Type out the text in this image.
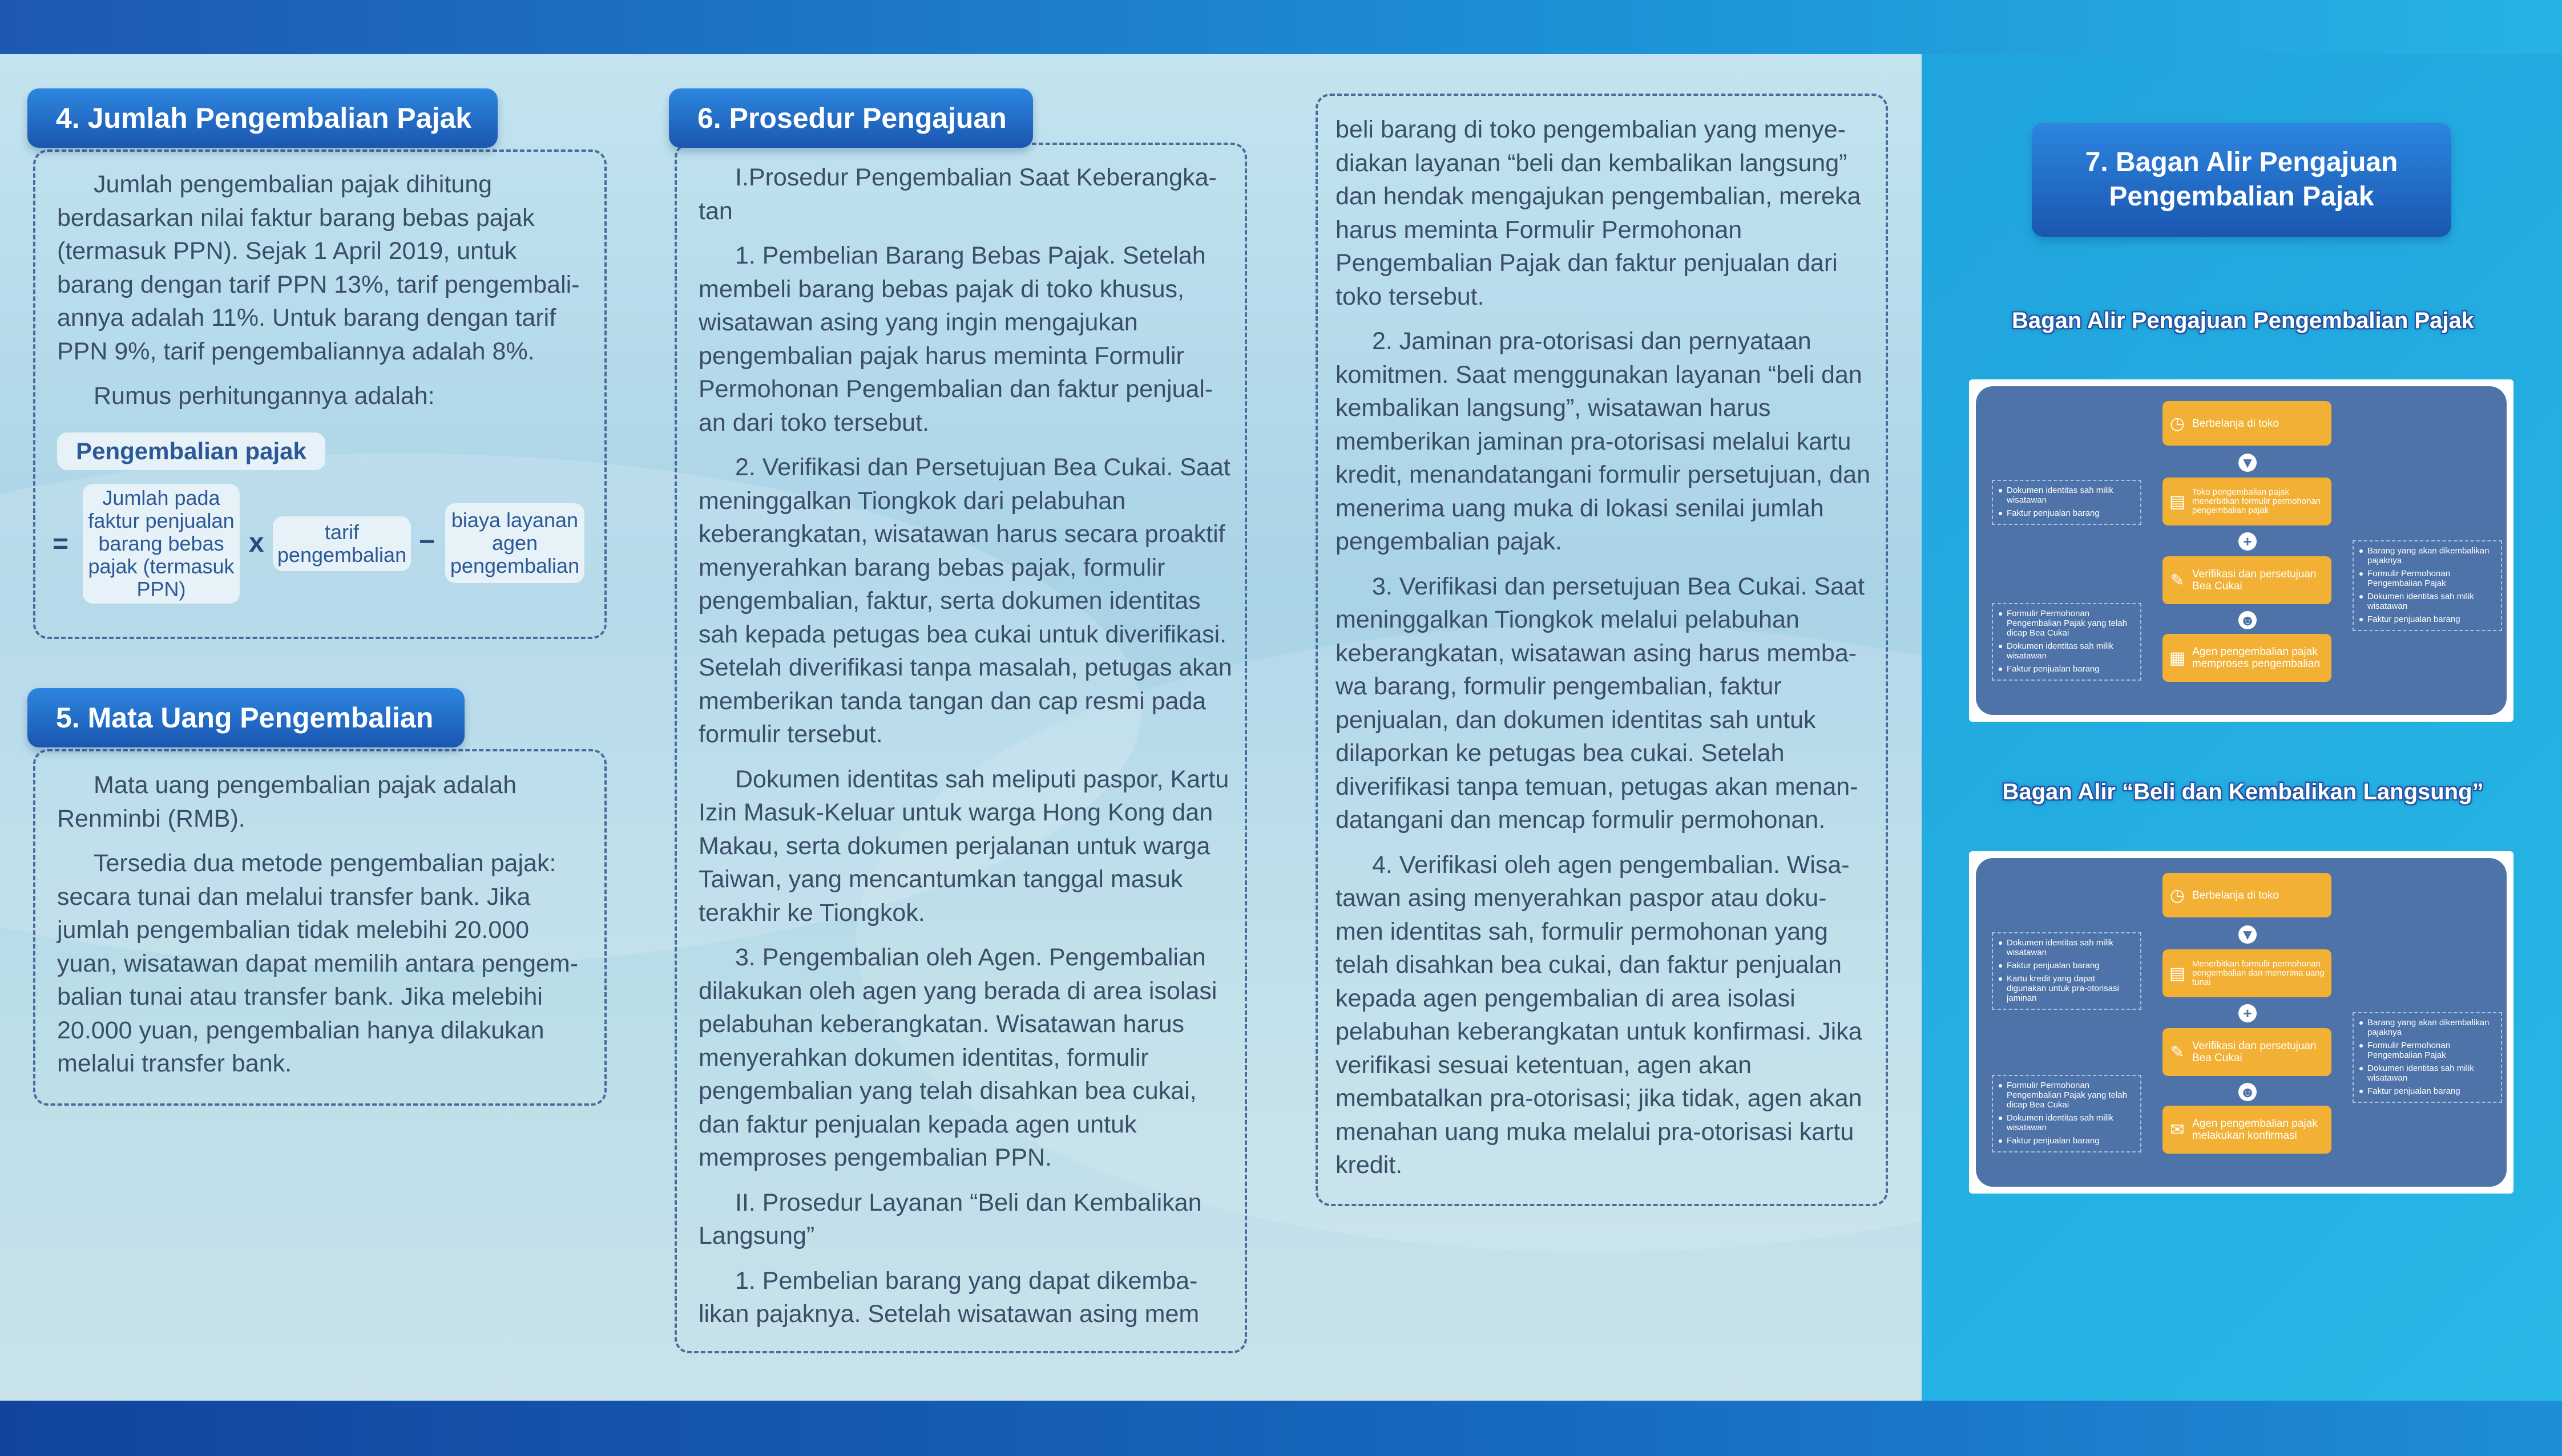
4. Jumlah Pengembalian Pajak

Jumlah pengembalian pajak dihitung berdasarkan nilai faktur barang bebas pajak (termasuk PPN). Sejak 1 April 2019, untuk barang dengan tarif PPN 13%, tarif pengembali-annya adalah 11%. Untuk barang dengan tarif PPN 9%, tarif pengembaliannya adalah 8%.

Rumus perhitungannya adalah:

Pengembalian pajak
=
Jumlah pada faktur penjualan barang bebas pajak (termasuk PPN)
x	tarif pengembalian −
biaya layanan agen pengembalian
5. Mata Uang Pengembalian

Mata uang pengembalian pajak adalah Renminbi (RMB).

Tersedia dua metode pengembalian pajak: secara tunai dan melalui transfer bank. Jika jumlah pengembalian tidak melebihi 20.000 yuan, wisatawan dapat memilih antara pengem-balian tunai atau transfer bank. Jika melebihi 20.000 yuan, pengembalian hanya dilakukan melalui transfer bank.

6. Prosedur Pengajuan

I.Prosedur Pengembalian Saat Keberangka-tan

1. Pembelian Barang Bebas Pajak. Setelah membeli barang bebas pajak di toko khusus, wisatawan asing yang ingin mengajukan pengembalian pajak harus meminta Formulir Permohonan Pengembalian dan faktur penjual-an dari toko tersebut.

2. Verifikasi dan Persetujuan Bea Cukai. Saat meninggalkan Tiongkok dari pelabuhan keberangkatan, wisatawan harus secara proaktif menyerahkan barang bebas pajak, formulir pengembalian, faktur, serta dokumen identitas sah kepada petugas bea cukai untuk diverifikasi. Setelah diverifikasi tanpa masalah, petugas akan memberikan tanda tangan dan cap resmi pada formulir tersebut.

Dokumen identitas sah meliputi paspor, Kartu Izin Masuk-Keluar untuk warga Hong Kong dan Makau, serta dokumen perjalanan untuk warga Taiwan, yang mencantumkan tanggal masuk terakhir ke Tiongkok.

3. Pengembalian oleh Agen. Pengembalian dilakukan oleh agen yang berada di area isolasi pelabuhan keberangkatan. Wisatawan harus menyerahkan dokumen identitas, formulir pengembalian yang telah disahkan bea cukai, dan faktur penjualan kepada agen untuk memproses pengembalian PPN.

II. Prosedur Layanan “Beli dan Kembalikan Langsung”

1. Pembelian barang yang dapat dikemba-likan pajaknya. Setelah wisatawan asing mem

beli barang di toko pengembalian yang menye-diakan layanan “beli dan kembalikan langsung” dan hendak mengajukan pengembalian, mereka harus meminta Formulir Permohonan Pengembalian Pajak dan faktur penjualan dari toko tersebut.

2. Jaminan pra-otorisasi dan pernyataan komitmen. Saat menggunakan layanan “beli dan kembalikan langsung”, wisatawan harus memberikan jaminan pra-otorisasi melalui kartu kredit, menandatangani formulir persetujuan, dan menerima uang muka di lokasi senilai jumlah pengembalian pajak.

3. Verifikasi dan persetujuan Bea Cukai. Saat meninggalkan Tiongkok melalui pelabuhan keberangkatan, wisatawan asing harus memba-wa barang, formulir pengembalian, faktur penjualan, dan dokumen identitas sah untuk dilaporkan ke petugas bea cukai. Setelah diverifikasi tanpa temuan, petugas akan menan-datangani dan mencap formulir permohonan.

4. Verifikasi oleh agen pengembalian. Wisa-tawan asing menyerahkan paspor atau doku-men identitas sah, formulir permohonan yang telah disahkan bea cukai, dan faktur penjualan kepada agen pengembalian di area isolasi pelabuhan keberangkatan untuk konfirmasi. Jika verifikasi sesuai ketentuan, agen akan membatalkan pra-otorisasi; jika tidak, agen akan menahan uang muka melalui pra-otorisasi kartu kredit.

7. Bagan Alir Pengajuan Pengembalian Pajak
Bagan Alir Pengajuan Pengembalian Pajak
◷ Berbelanja di toko
▼
▤ Toko pengembalian pajak menerbitkan formulir permohonan pengembalian pajak
+
✎ Verifikasi dan persetujuan Bea Cukai
☻
▦ Agen pengembalian pajak memproses pengembalian
Dokumen identitas sah milik wisatawan
Faktur penjualan barang
Formulir Permohonan Pengembalian Pajak yang telah dicap Bea Cukai
Dokumen identitas sah milik wisatawan
Faktur penjualan barang
Barang yang akan dikembalikan pajaknya
Formulir Permohonan Pengembalian Pajak
Dokumen identitas sah milik wisatawan
Faktur penjualan barang
Bagan Alir “Beli dan Kembalikan Langsung”
◷ Berbelanja di toko
▼
▤ Menerbitkan formulir permohonan pengembalian dan menerima uang tunai
+
✎ Verifikasi dan persetujuan Bea Cukai
☻
✉ Agen pengembalian pajak melakukan konfirmasi
Dokumen identitas sah milik wisatawan
Faktur penjualan barang
Kartu kredit yang dapat digunakan untuk pra-otorisasi jaminan
Formulir Permohonan Pengembalian Pajak yang telah dicap Bea Cukai
Dokumen identitas sah milik wisatawan
Faktur penjualan barang
Barang yang akan dikembalikan pajaknya
Formulir Permohonan Pengembalian Pajak
Dokumen identitas sah milik wisatawan
Faktur penjualan barang
